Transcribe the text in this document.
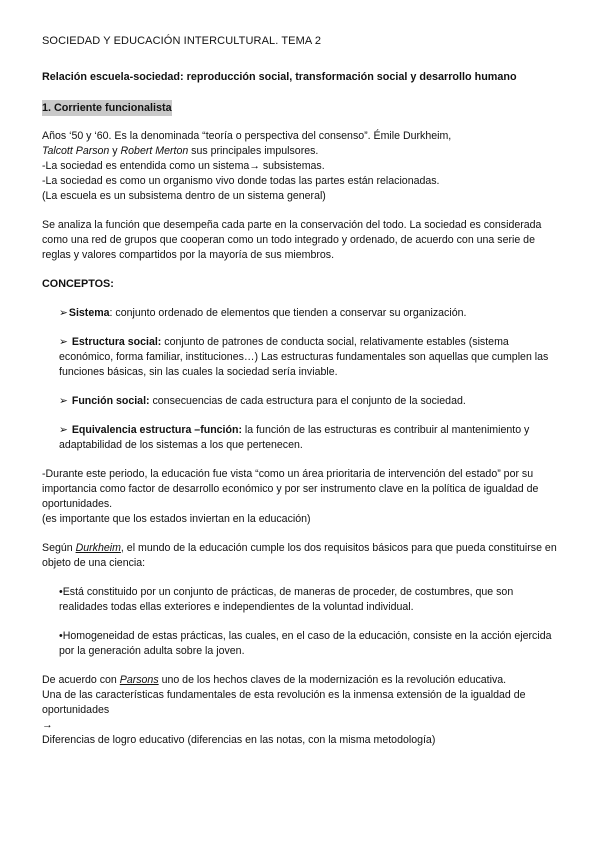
SOCIEDAD Y EDUCACIÓN INTERCULTURAL. TEMA 2
Relación escuela-sociedad: reproducción social, transformación social y desarrollo humano
1. Corriente funcionalista

Años ‘50 y ‘60. Es la denominada “teoría o perspectiva del consenso”. Émile Durkheim,

Talcott Parson y Robert Merton sus principales impulsores.

-La sociedad es entendida como un sistema→ subsistemas.

-La sociedad es como un organismo vivo donde todas las partes están relacionadas.

(La escuela es un subsistema dentro de un sistema general)

Se analiza la función que desempeña cada parte en la conservación del todo. La sociedad es considerada como una red de grupos que cooperan como un todo integrado y ordenado, de acuerdo con una serie de reglas y valores compartidos por la mayoría de sus miembros.
CONCEPTOS:
➢Sistema: conjunto ordenado de elementos que tienden a conservar su organización.
➢ Estructura social: conjunto de patrones de conducta social, relativamente estables (sistema económico, forma familiar, instituciones…) Las estructuras fundamentales son aquellas que cumplen las funciones básicas, sin las cuales la sociedad sería inviable.
➢ Función social: consecuencias de cada estructura para el conjunto de la sociedad.
➢ Equivalencia estructura –función: la función de las estructuras es contribuir al mantenimiento y adaptabilidad de los sistemas a los que pertenecen.

-Durante este periodo, la educación fue vista “como un área prioritaria de intervención del estado” por su importancia como factor de desarrollo económico y por ser instrumento clave en la política de igualdad de oportunidades.

(es importante que los estados inviertan en la educación)

Según Durkheim, el mundo de la educación cumple los dos requisitos básicos para que pueda constituirse en objeto de una ciencia:
•Está constituido por un conjunto de prácticas, de maneras de proceder, de costumbres, que son realidades todas ellas exteriores e independientes de la voluntad individual.
•Homogeneidad de estas prácticas, las cuales, en el caso de la educación, consiste en la acción ejercida por la generación adulta sobre la joven.

De acuerdo con Parsons uno de los hechos claves de la modernización es la revolución educativa.

Una de las características fundamentales de esta revolución es la inmensa extensión de la igualdad de oportunidades

→

Diferencias de logro educativo (diferencias en las notas, con la misma metodología)
